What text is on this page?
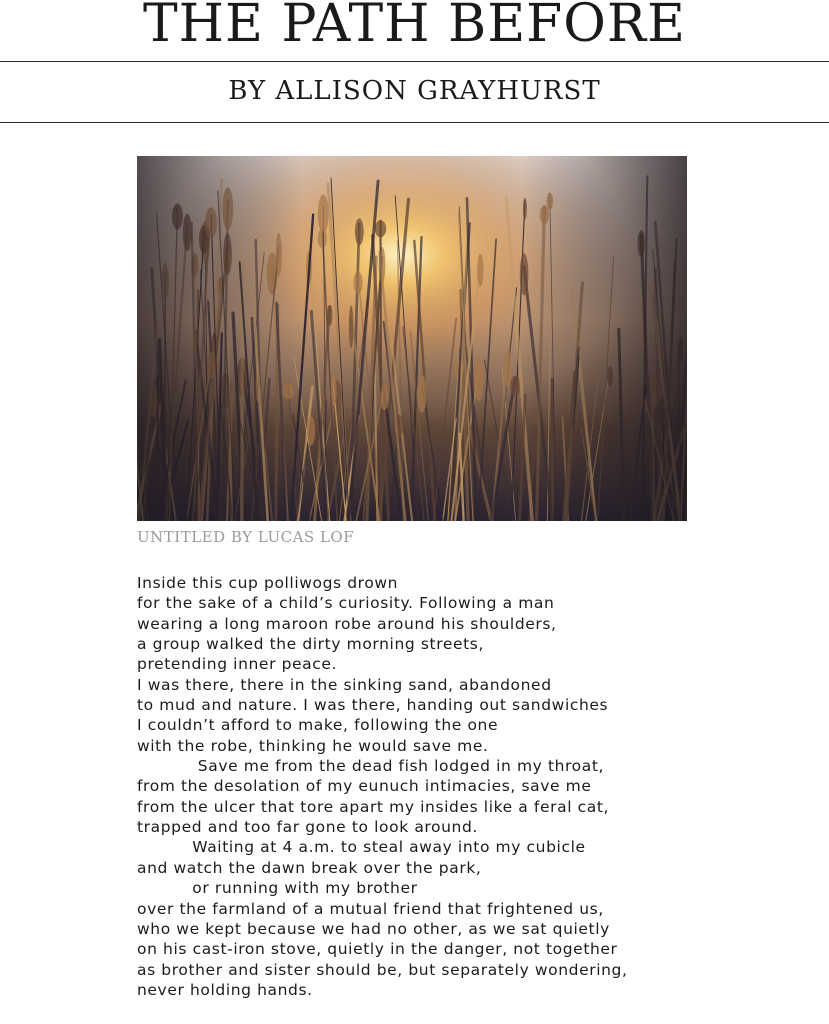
THE PATH BEFORE
BY ALLISON GRAYHURST
UNTITLED BY LUCAS LOF
Inside this cup polliwogs drown
for the sake of a child’s curiosity. Following a man
wearing a long maroon robe around his shoulders,
a group walked the dirty morning streets,
pretending inner peace.
I was there, there in the sinking sand, abandoned
to mud and nature. I was there, handing out sandwiches
I couldn’t afford to make, following the one
with the robe, thinking he would save me.
Save me from the dead fish lodged in my throat,
from the desolation of my eunuch intimacies, save me
from the ulcer that tore apart my insides like a feral cat,
trapped and too far gone to look around.
Waiting at 4 a.m. to steal away into my cubicle
and watch the dawn break over the park,
or running with my brother
over the farmland of a mutual friend that frightened us,
who we kept because we had no other, as we sat quietly
on his cast-iron stove, quietly in the danger, not together
as brother and sister should be, but separately wondering,
never holding hands.
